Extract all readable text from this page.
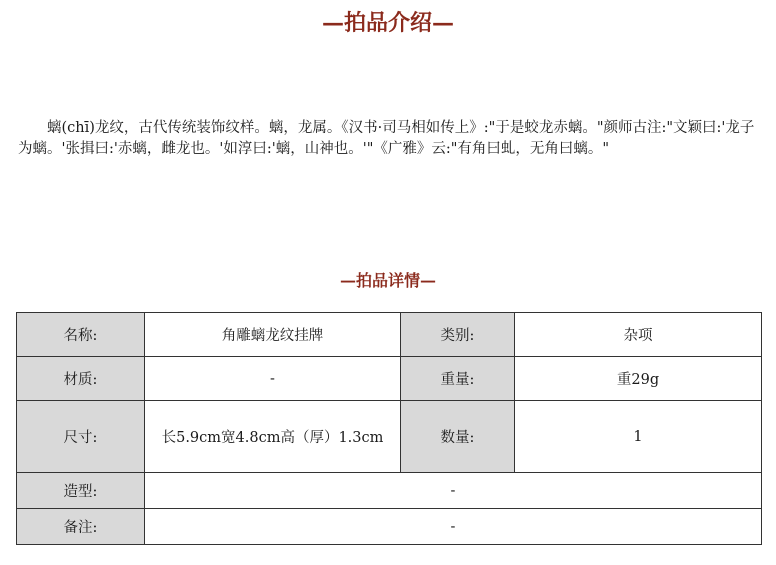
—拍品介绍—

螭(chī)龙纹，古代传统装饰纹样。螭，龙属。《汉书·司马相如传上》:"于是蛟龙赤螭。"颜师古注:"文颖曰:'龙子为螭。'张揖曰:'赤螭，雌龙也。'如淳曰:'螭，山神也。'"《广雅》云:"有角曰虬，无角曰螭。"

—拍品详情—
名称:	角雕螭龙纹挂牌	类别:	杂项
材质:	-	重量:	重29g
尺寸:	长5.9cm宽4.8cm高（厚）1.3cm	数量:	1
造型:	-		
备注:	-		
